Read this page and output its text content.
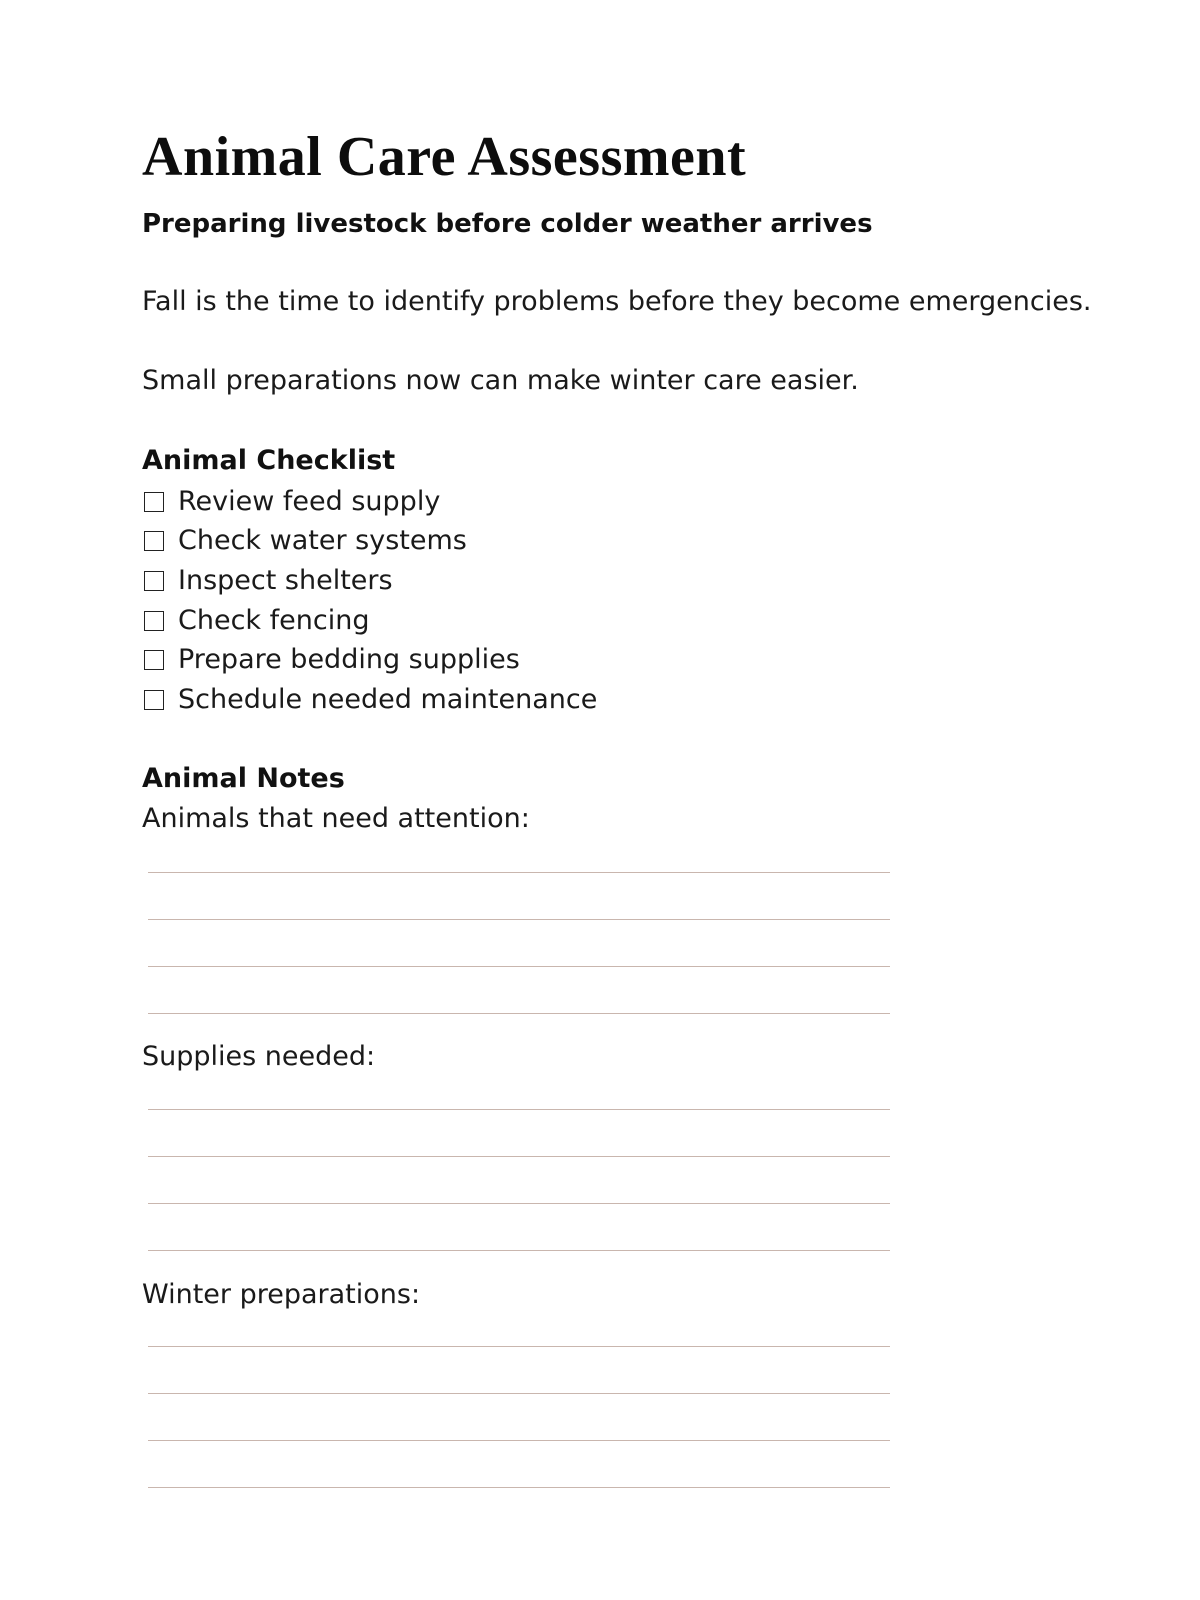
Animal Care Assessment
Preparing livestock before colder weather arrives

Fall is the time to identify problems before they become emergencies.

Small preparations now can make winter care easier.

Animal Checklist
Review feed supply
Check water systems
Inspect shelters
Check fencing
Prepare bedding supplies
Schedule needed maintenance
Animal Notes

Animals that need attention:

Supplies needed:

Winter preparations:
